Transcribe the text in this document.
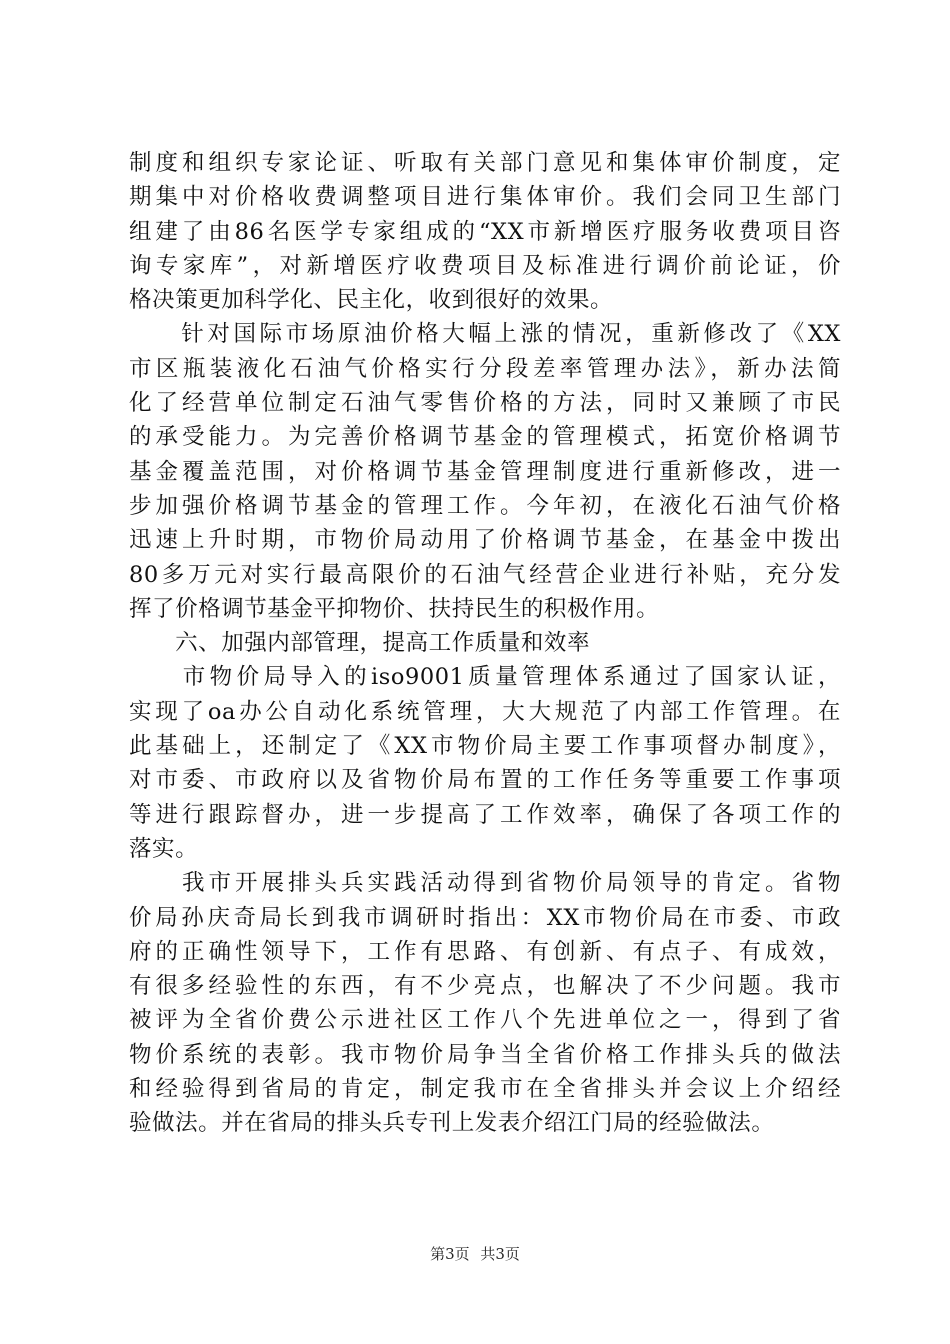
制度和组织专家论证、听取有关部门意见和集体审价制度，定
期集中对价格收费调整项目进行集体审价。我们会同卫生部门
组建了由86名医学专家组成的“XX市新增医疗服务收费项目咨
询专家库”，对新增医疗收费项目及标准进行调价前论证，价
格决策更加科学化、民主化，收到很好的效果。
　　针对国际市场原油价格大幅上涨的情况，重新修改了《XX
市区瓶装液化石油气价格实行分段差率管理办法》，新办法简
化了经营单位制定石油气零售价格的方法，同时又兼顾了市民
的承受能力。为完善价格调节基金的管理模式，拓宽价格调节
基金覆盖范围，对价格调节基金管理制度进行重新修改，进一
步加强价格调节基金的管理工作。今年初，在液化石油气价格
迅速上升时期，市物价局动用了价格调节基金，在基金中拨出
80多万元对实行最高限价的石油气经营企业进行补贴，充分发
挥了价格调节基金平抑物价、扶持民生的积极作用。
　　六、加强内部管理，提高工作质量和效率
　　市物价局导入的iso9001质量管理体系通过了国家认证，
实现了oa办公自动化系统管理，大大规范了内部工作管理。在
此基础上，还制定了《XX市物价局主要工作事项督办制度》，
对市委、市政府以及省物价局布置的工作任务等重要工作事项
等进行跟踪督办，进一步提高了工作效率，确保了各项工作的
落实。
　　我市开展排头兵实践活动得到省物价局领导的肯定。省物
价局孙庆奇局长到我市调研时指出：XX市物价局在市委、市政
府的正确性领导下，工作有思路、有创新、有点子、有成效，
有很多经验性的东西，有不少亮点，也解决了不少问题。我市
被评为全省价费公示进社区工作八个先进单位之一，得到了省
物价系统的表彰。我市物价局争当全省价格工作排头兵的做法
和经验得到省局的肯定，制定我市在全省排头并会议上介绍经
验做法。并在省局的排头兵专刊上发表介绍江门局的经验做法。
第3页 共3页
